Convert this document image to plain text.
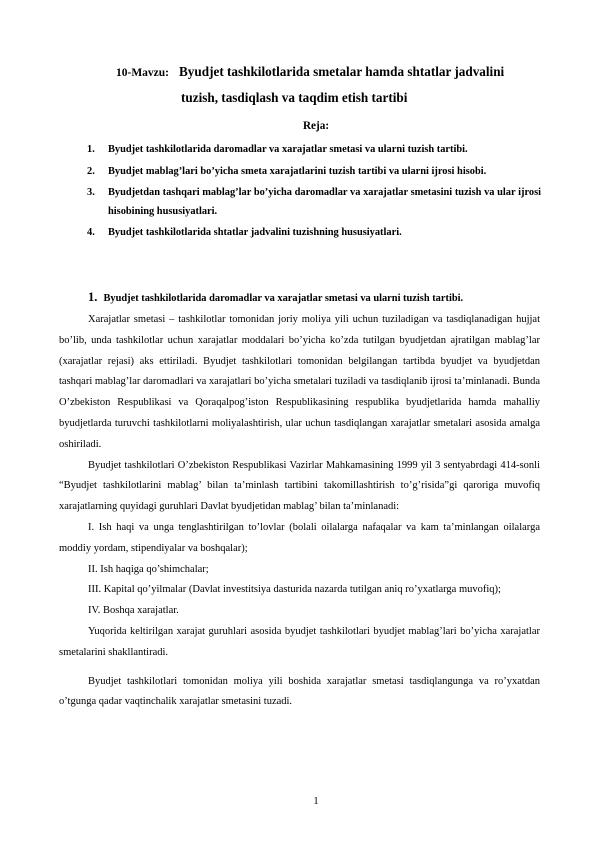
10-Mavzu: Byudjet tashkilotlarida smetalar hamda shtatlar jadvalini
tuzish, tasdiqlash va taqdim etish tartibi
Reja:
1. Byudjet tashkilotlarida daromadlar va xarajatlar smetasi va ularni tuzish tartibi.
2. Byudjet mablag’lari bo’yicha smeta xarajatlarini tuzish tartibi va ularni ijrosi hisobi.
3. Byudjetdan tashqari mablag’lar bo’yicha daromadlar va xarajatlar smetasini tuzish va ular ijrosi hisobining hususiyatlari.
4. Byudjet tashkilotlarida shtatlar jadvalini tuzishning hususiyatlari.
1. Byudjet tashkilotlarida daromadlar va xarajatlar smetasi va ularni tuzish tartibi.

Xarajatlar smetasi – tashkilotlar tomonidan joriy moliya yili uchun tuziladigan va tasdiqlanadigan hujjat bo’lib, unda tashkilotlar uchun xarajatlar moddalari bo’yicha ko’zda tutilgan byudjetdan ajratilgan mablag’lar (xarajatlar rejasi) aks ettiriladi. Byudjet tashkilotlari tomonidan belgilangan tartibda byudjet va byudjetdan tashqari mablag’lar daromadlari va xarajatlari bo’yicha smetalari tuziladi va tasdiqlanib ijrosi ta’minlanadi. Bunda O’zbekiston Respublikasi va Qoraqalpog’iston Respublikasining respublika byudjetlarida hamda mahalliy byudjetlarda turuvchi tashkilotlarni moliyalashtirish, ular uchun tasdiqlangan xarajatlar smetalari asosida amalga oshiriladi.

Byudjet tashkilotlari O’zbekiston Respublikasi Vazirlar Mahkamasining 1999 yil 3 sentyabrdagi 414-sonli “Byudjet tashkilotlarini mablag’ bilan ta’minlash tartibini takomillashtirish to’g’risida”gi qaroriga muvofiq xarajatlarning quyidagi guruhlari Davlat byudjetidan mablag’ bilan ta’minlanadi:

I. Ish haqi va unga tenglashtirilgan to’lovlar (bolali oilalarga nafaqalar va kam ta’minlangan oilalarga moddiy yordam, stipendiyalar va boshqalar);

II. Ish haqiga qo’shimchalar;

III. Kapital qo’yilmalar (Davlat investitsiya dasturida nazarda tutilgan aniq ro’yxatlarga muvofiq);

IV. Boshqa xarajatlar.

Yuqorida keltirilgan xarajat guruhlari asosida byudjet tashkilotlari byudjet mablag’lari bo’yicha xarajatlar smetalarini shakllantiradi.

Byudjet tashkilotlari tomonidan moliya yili boshida xarajatlar smetasi tasdiqlangunga va ro’yxatdan o’tgunga qadar vaqtinchalik xarajatlar smetasini tuzadi.

1
